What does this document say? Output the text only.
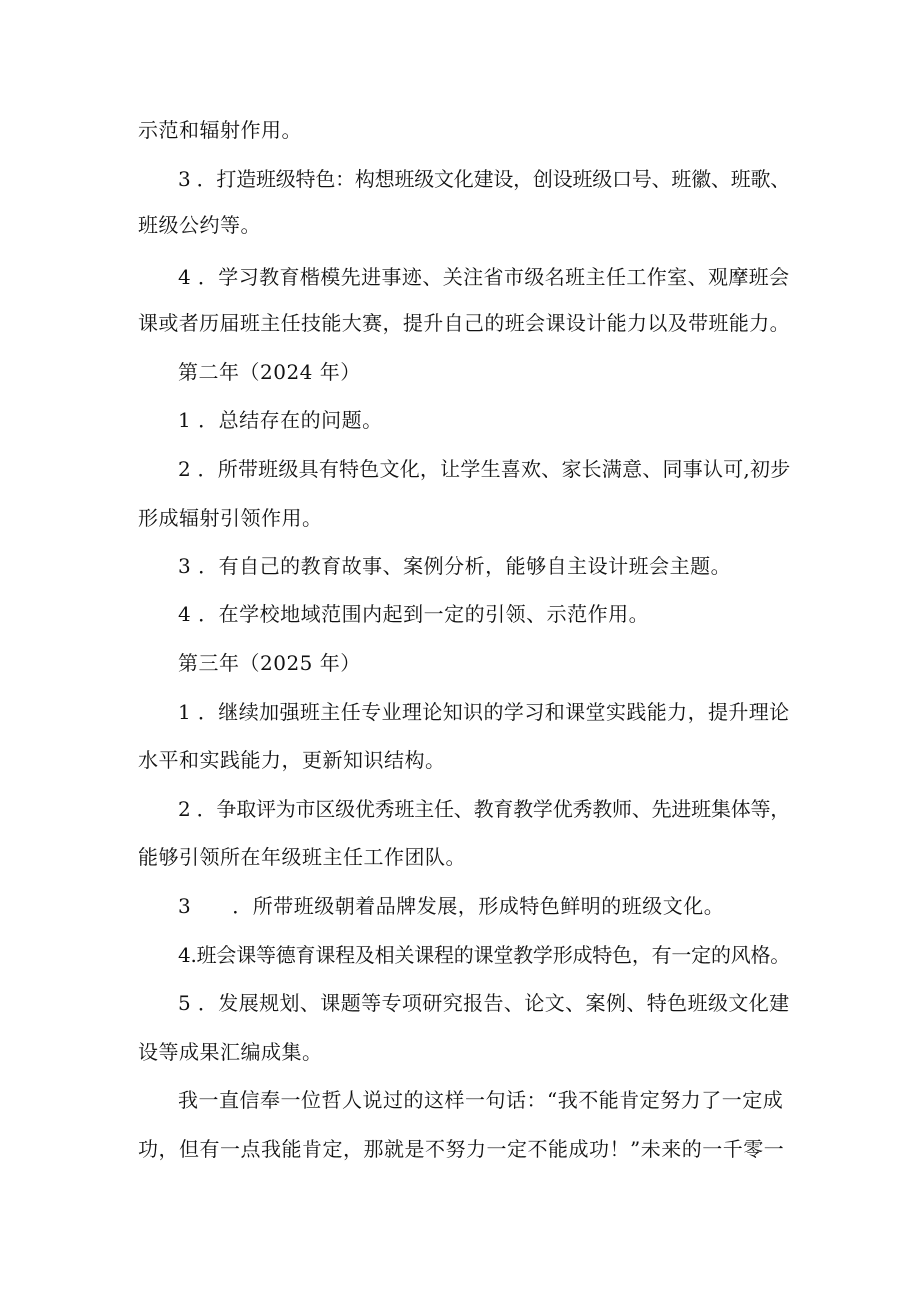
示范和辐射作用。
3 ．打造班级特色：构想班级文化建设，创设班级口号、班徽、班歌、
班级公约等。
4 ．学习教育楷模先进事迹、关注省市级名班主任工作室、观摩班会
课或者历届班主任技能大赛，提升自己的班会课设计能力以及带班能力。
第二年（2024 年）
1 ．总结存在的问题。
2 ．所带班级具有特色文化，让学生喜欢、家长满意、同事认可,初步
形成辐射引领作用。
3 ．有自己的教育故事、案例分析，能够自主设计班会主题。
4 ．在学校地域范围内起到一定的引领、示范作用。
第三年（2025 年）
1 ．继续加强班主任专业理论知识的学习和课堂实践能力，提升理论
水平和实践能力，更新知识结构。
2 ．争取评为市区级优秀班主任、教育教学优秀教师、先进班集体等，
能够引领所在年级班主任工作团队。
3　　．所带班级朝着品牌发展，形成特色鲜明的班级文化。
4.班会课等德育课程及相关课程的课堂教学形成特色，有一定的风格。
5 ．发展规划、课题等专项研究报告、论文、案例、特色班级文化建
设等成果汇编成集。
我一直信奉一位哲人说过的这样一句话：“我不能肯定努力了一定成
功，但有一点我能肯定，那就是不努力一定不能成功！”未来的一千零一
